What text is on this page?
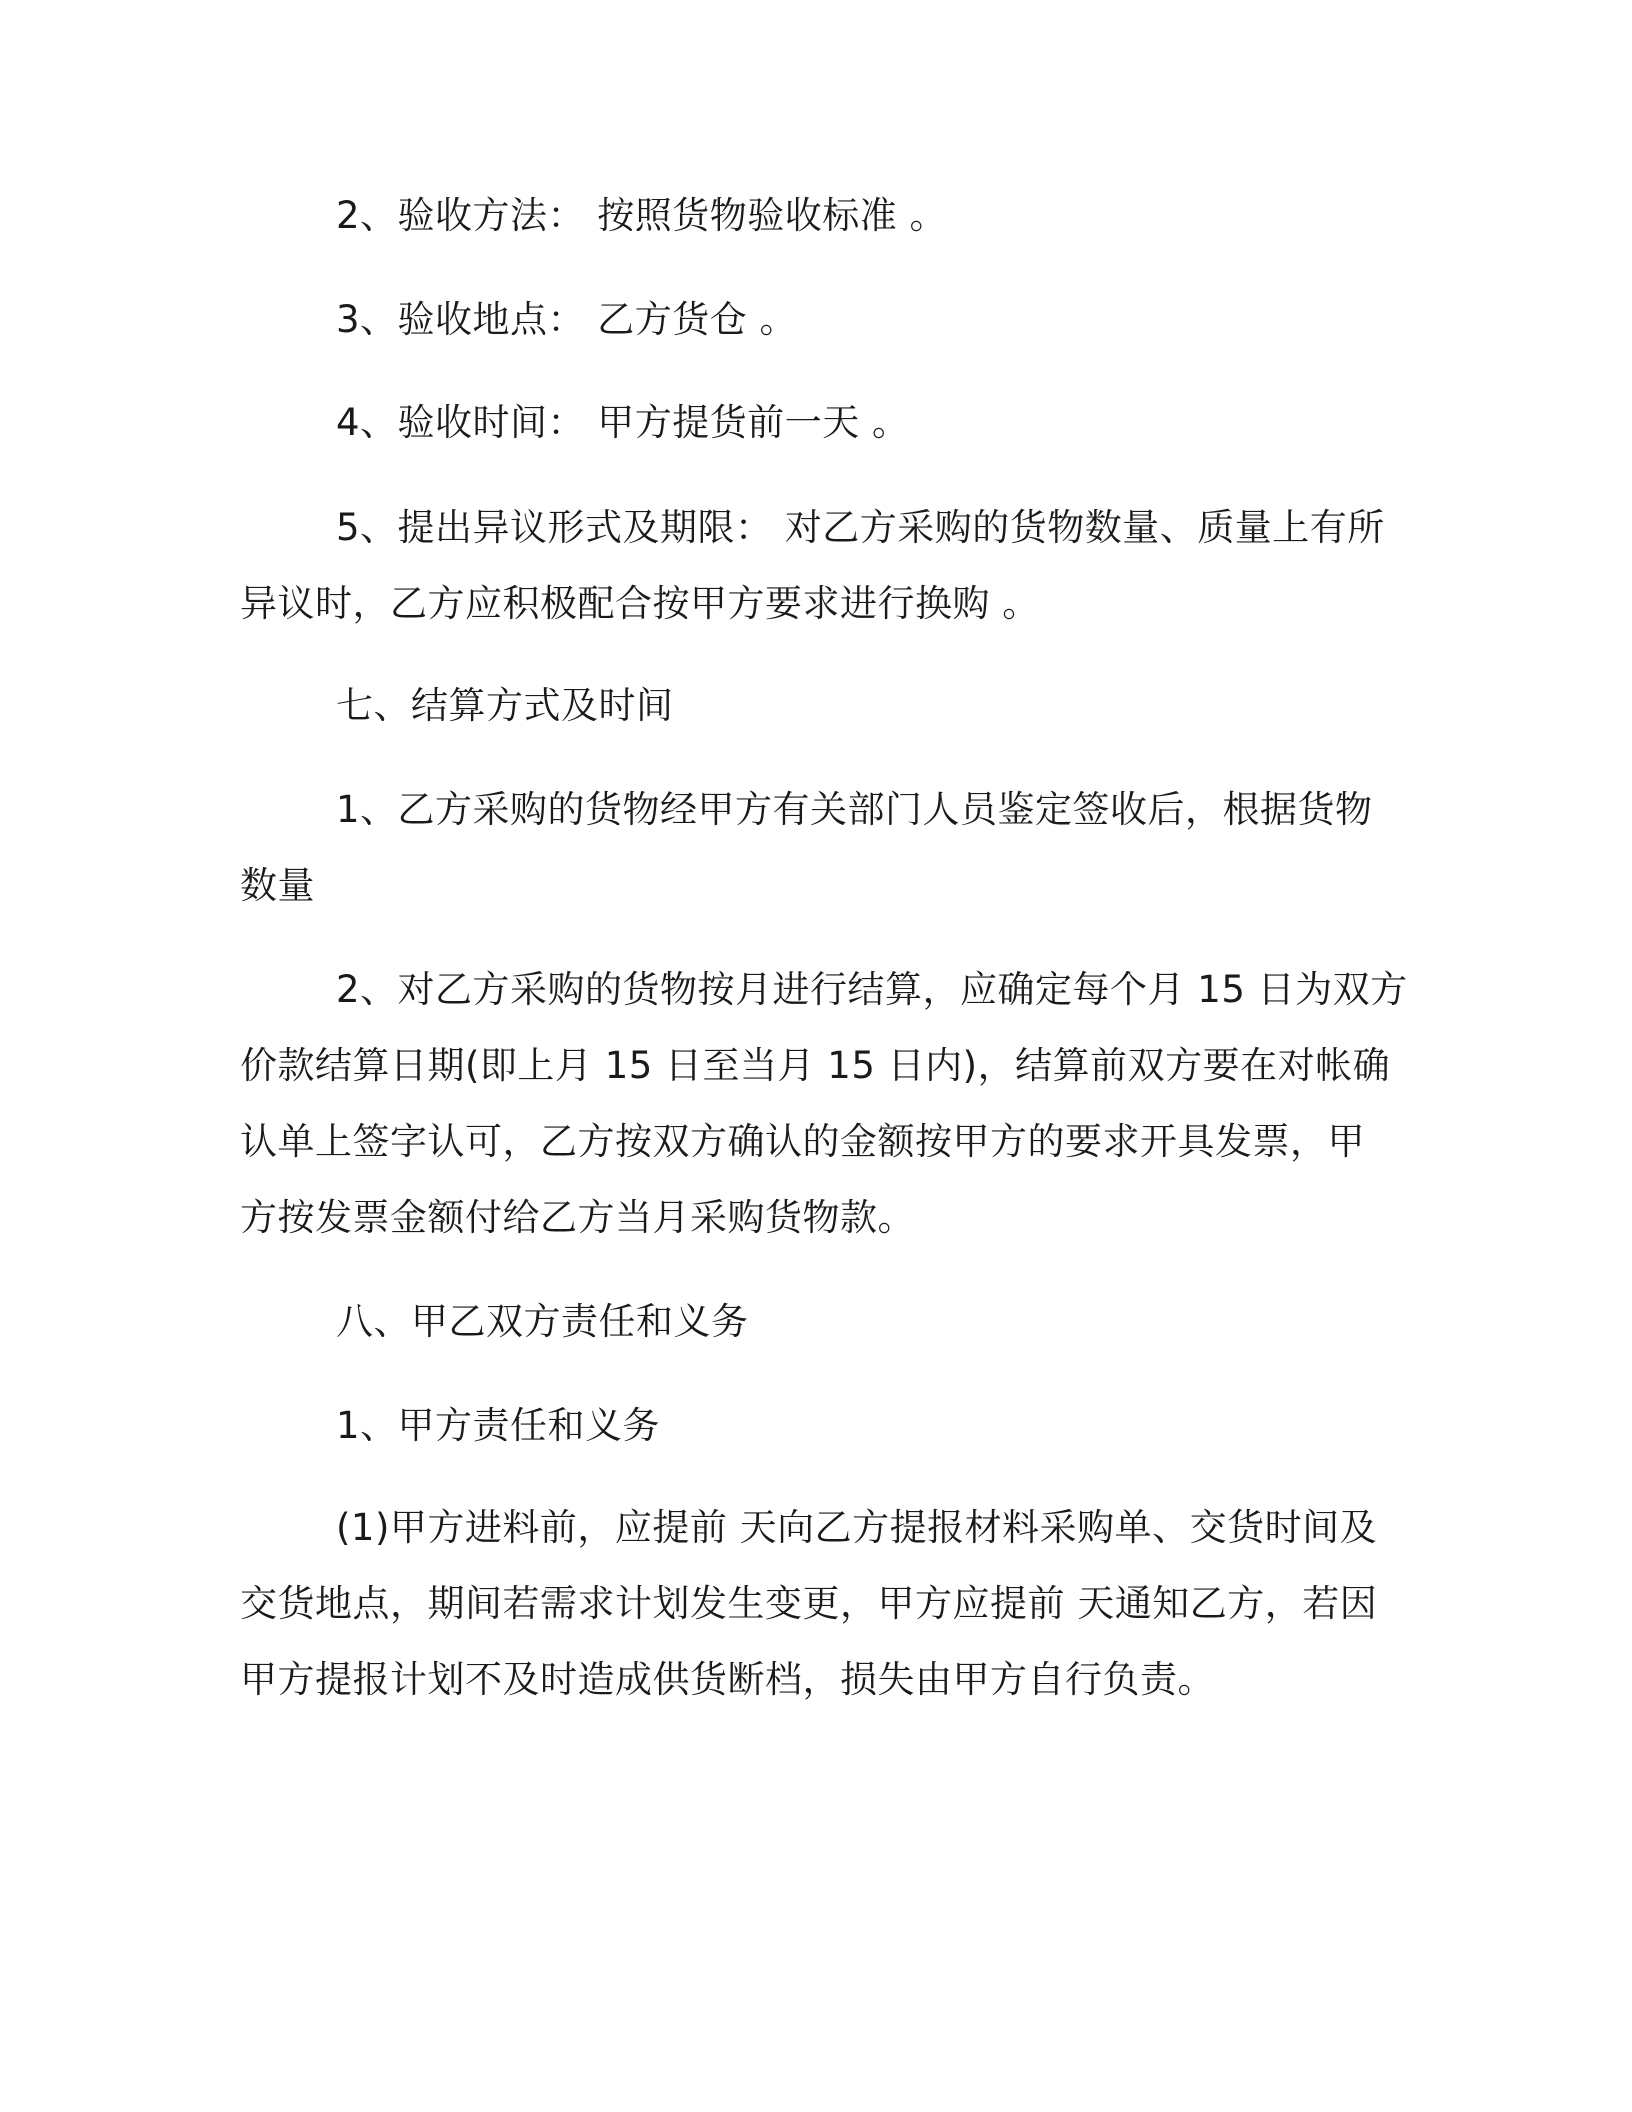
2、验收方法： 按照货物验收标准 。

3、验收地点： 乙方货仓 。

4、验收时间： 甲方提货前一天 。

5、提出异议形式及期限： 对乙方采购的货物数量、质量上有所
异议时，乙方应积极配合按甲方要求进行换购 。

七、结算方式及时间

1、乙方采购的货物经甲方有关部门人员鉴定签收后，根据货物
数量

2、对乙方采购的货物按月进行结算，应确定每个月 15 日为双方
价款结算日期(即上月 15 日至当月 15 日内)，结算前双方要在对帐确
认单上签字认可，乙方按双方确认的金额按甲方的要求开具发票，甲
方按发票金额付给乙方当月采购货物款。

八、甲乙双方责任和义务

1、甲方责任和义务

(1)甲方进料前，应提前 天向乙方提报材料采购单、交货时间及
交货地点，期间若需求计划发生变更，甲方应提前 天通知乙方，若因
甲方提报计划不及时造成供货断档，损失由甲方自行负责。
